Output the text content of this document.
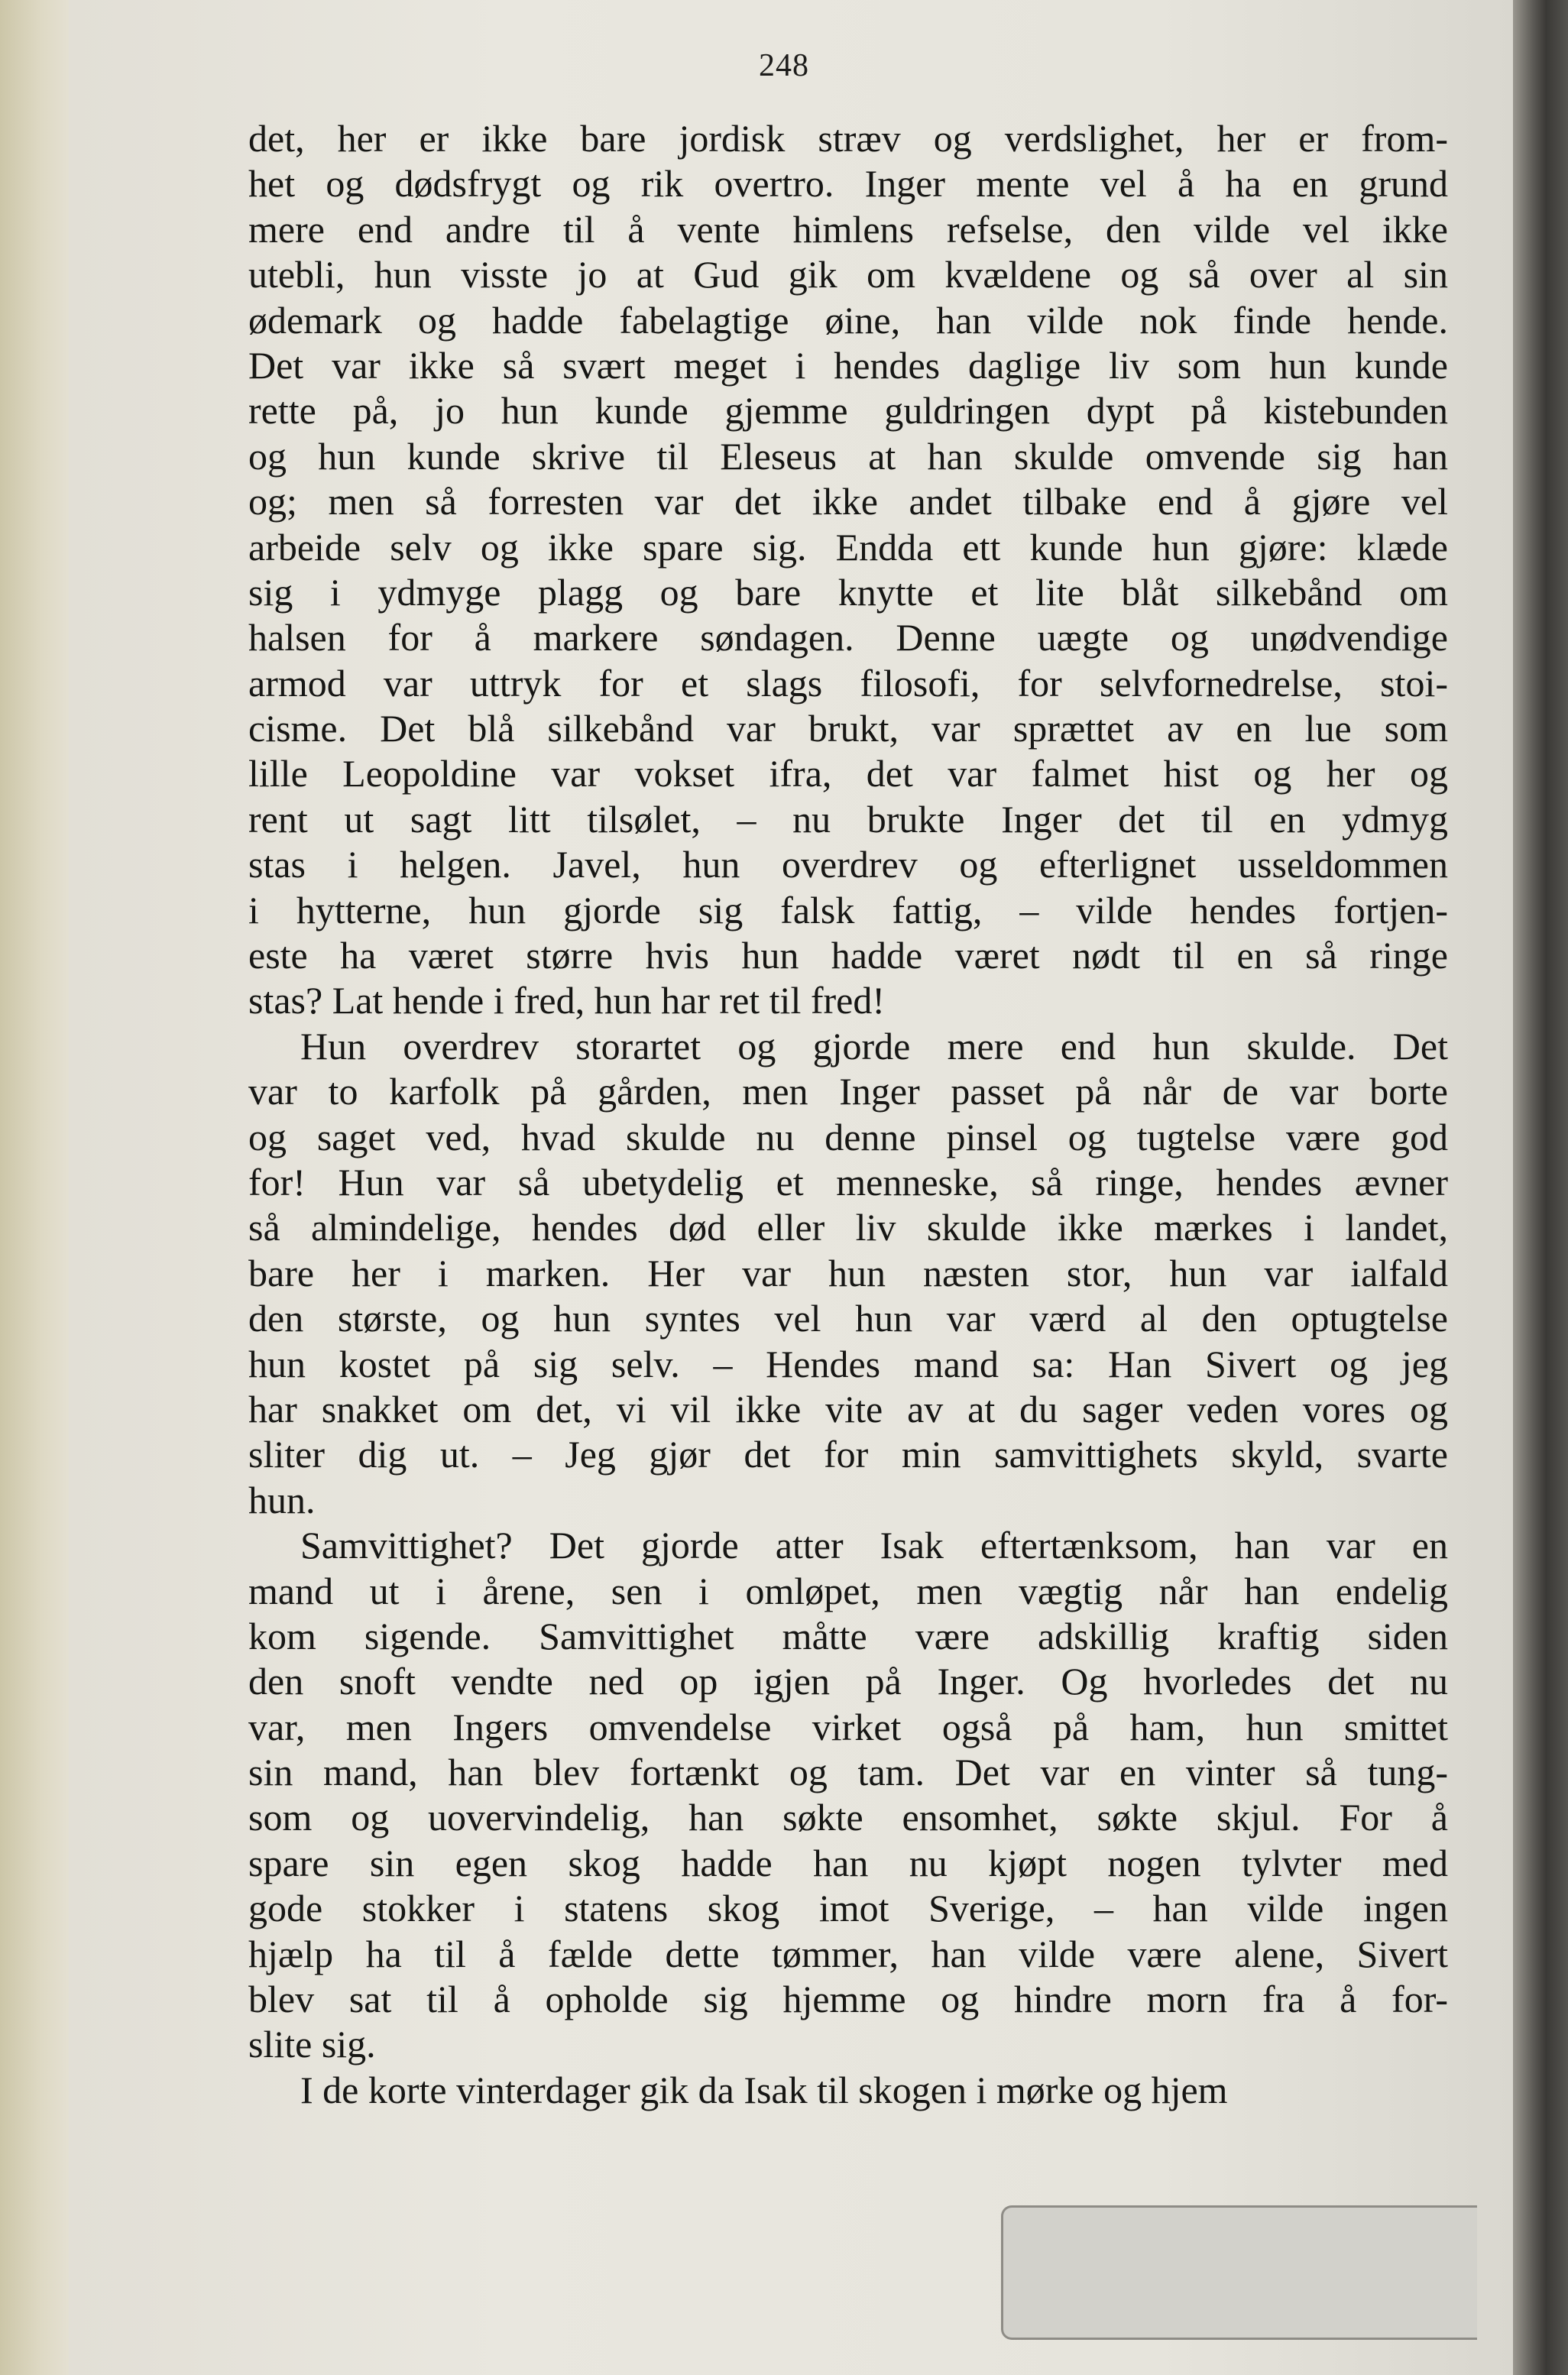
248
det, her er ikke bare jordisk stræv og verdslighet, her er from-
het og dødsfrygt og rik overtro. Inger mente vel å ha en grund
mere end andre til å vente himlens refselse, den vilde vel ikke
utebli, hun visste jo at Gud gik om kvældene og så over al sin
ødemark og hadde fabelagtige øine, han vilde nok finde hende.
Det var ikke så svært meget i hendes daglige liv som hun kunde
rette på, jo hun kunde gjemme guldringen dypt på kistebunden
og hun kunde skrive til Eleseus at han skulde omvende sig han
og; men så forresten var det ikke andet tilbake end å gjøre vel
arbeide selv og ikke spare sig. Endda ett kunde hun gjøre: klæde
sig i ydmyge plagg og bare knytte et lite blåt silkebånd om
halsen for å markere søndagen. Denne uægte og unødvendige
armod var uttryk for et slags filosofi, for selvfornedrelse, stoi-
cisme. Det blå silkebånd var brukt, var sprættet av en lue som
lille Leopoldine var vokset ifra, det var falmet hist og her og
rent ut sagt litt tilsølet, – nu brukte Inger det til en ydmyg
stas i helgen. Javel, hun overdrev og efterlignet usseldommen
i hytterne, hun gjorde sig falsk fattig, – vilde hendes fortjen-
este ha været større hvis hun hadde været nødt til en så ringe
stas? Lat hende i fred, hun har ret til fred!
Hun overdrev storartet og gjorde mere end hun skulde. Det
var to karfolk på gården, men Inger passet på når de var borte
og saget ved, hvad skulde nu denne pinsel og tugtelse være god
for! Hun var så ubetydelig et menneske, så ringe, hendes ævner
så almindelige, hendes død eller liv skulde ikke mærkes i landet,
bare her i marken. Her var hun næsten stor, hun var ialfald
den største, og hun syntes vel hun var værd al den optugtelse
hun kostet på sig selv. – Hendes mand sa: Han Sivert og jeg
har snakket om det, vi vil ikke vite av at du sager veden vores og
sliter dig ut. – Jeg gjør det for min samvittighets skyld, svarte
hun.
Samvittighet? Det gjorde atter Isak eftertænksom, han var en
mand ut i årene, sen i omløpet, men vægtig når han endelig
kom sigende. Samvittighet måtte være adskillig kraftig siden
den snoft vendte ned op igjen på Inger. Og hvorledes det nu
var, men Ingers omvendelse virket også på ham, hun smittet
sin mand, han blev fortænkt og tam. Det var en vinter så tung-
som og uovervindelig, han søkte ensomhet, søkte skjul. For å
spare sin egen skog hadde han nu kjøpt nogen tylvter med
gode stokker i statens skog imot Sverige, – han vilde ingen
hjælp ha til å fælde dette tømmer, han vilde være alene, Sivert
blev sat til å opholde sig hjemme og hindre morn fra å for-
slite sig.
I de korte vinterdager gik da Isak til skogen i mørke og hjem
